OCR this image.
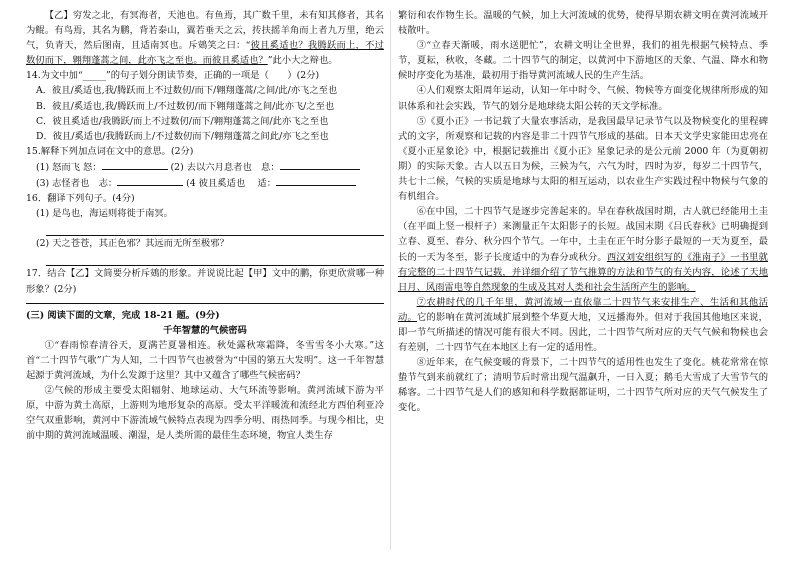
【乙】穷发之北，有冥海者，天池也。有鱼焉，其广数千里，未有知其修者，其名为鲲。有鸟焉，其名为鹏，背若泰山，翼若垂天之云，抟扶摇羊角而上者九万里，绝云气，负青天，然后图南，且适南冥也。斥鴳笑之曰：“彼且奚适也？我腾跃而上，不过数仞而下，翱翔蓬蒿之间，此亦飞之至也。而彼且奚适也？”此小大之辩也。

14.为文中加“_____”的句子划分朗读节奏，正确的一项是（　　）(2分)

A．彼且/奚适也,我/腾跃而上不过数仞/而下/翱翔蓬蒿/之间/此/亦飞之至也

B．彼且/奚适也,我/腾跃而上/不过数仞/而下翱翔蓬蒿之间/此亦飞/之至也

C．彼且奚适也/我腾跃/而上不过数仞/而下/翱翔蓬蒿之间/此亦飞之至也

D．彼且/奚适也/我腾跃而上/不过数仞而下/翱翔蓬蒿之间此/亦飞之至也

15.解释下列加点词在文中的意思。(2分)

(1) 怒而飞 怒：	(2) 去以六月息者也　息：

(3) 志怪者也　志：	(4 彼且奚适也 　适：

16．翻译下列句子。(4分)

(1) 是鸟也，海运则将徙于南冥。

(2) 天之苍苍，其正色邪？其远而无所至极邪？

17．结合【乙】文简要分析斥鴳的形象。并说说比起【甲】文中的鹏，你更欣赏哪一种形象？(2分)

(三) 阅读下面的文章，完成 18-21 题。(9分)

千年智慧的气候密码

①“春雨惊春清谷天，夏满芒夏暑相连。秋处露秋寒霜降，冬雪雪冬小大寒。”这首“二十四节气歌”广为人知，二十四节气也被誉为“中国的第五大发明”。这一千年智慧起源于黄河流域，为什么发源于这里？其中又蕴含了哪些气候密码？

②气候的形成主要受太阳辐射、地球运动、大气环流等影响。黄河流域下游为平原，中游为黄土高原，上游则为地形复杂的高原。受太平洋暖流和流经北方西伯利亚冷空气双重影响，黄河中下游流域气候特点表现为四季分明、雨热同季。与现今相比，史前中期的黄河流域温暖、潮湿，是人类所需的最佳生态环境，物宜人类生存

繁衍和农作物生长。温暖的气候，加上大河流域的优势，使得早期农耕文明在黄河流域开枝散叶。

③“立春天渐暖，雨水送肥忙”，农耕文明让全世界，我们的祖先根据气候特点、季节，夏耘，秋收，冬藏。二十四节气的制定，以黄河中下游地区的天象、气温、降水和物候时序变化为基准，最初用于指导黄河流域人民的生产生活。

④人们观察太阳周年运动，认知一年中时令、气候、物候等方面变化规律所形成的知识体系和社会实践，节气的划分是地球绕太阳公转的天文学标准。

⑤《夏小正》一书记载了大量农事活动，是我国最早记录节气以及物候变化的里程碑式的文字，所观察和记载的内容是非二十四节气形成的基础。日本天文学史家能田忠亮在《夏小正星象论》中，根据记载推出《夏小正》星象记录的是公元前 2000 年（为夏朝初期）的实际天象。古人以五日为候，三候为气，六气为时，四时为岁，每岁二十四节气，共七十二候，气候的实质是地球与太阳的相互运动，以农业生产实践过程中物候与气象的有机组合。

⑥在中国，二十四节气是逐步完善起来的。早在春秋战国时期，古人就已经能用土圭（在平面上竖一根杆子）来测量正午太阳影子的长短。战国末期《吕氏春秋》已明确提到立春、夏至、春分、秋分四个节气。一年中，土圭在正午时分影子最短的一天为夏至，最长的一天为冬至，影子长度适中的为春分或秋分。西汉刘安组织写的《淮南子》一书里就有完整的二十四节气记载，并详细介绍了节气推算的方法和节气的有关内容，论述了天地日月、风雨雷电等自然现象的生成及其对人类和社会生活所产生的影响。

⑦农耕时代的几千年里，黄河流域一直依靠二十四节气来安排生产、生活和其他活动。它的影响在黄河流域扩展到整个华夏大地，又远播海外。但对于我国其他地区来说，即一节气所描述的情况可能有很大不同。因此，二十四节气所对应的天气气候和物候也会有差别，二十四节气在本地区上有一定的适用性。

⑧近年来，在气候变暖的背景下，二十四节气的适用性也发生了变化。桃花常常在惊蛰节气到来前就红了；清明节后时常出现气温飙升，一日入夏；鹅毛大雪成了大雪节气的稀客。二十四节气是人们的感知和科学数据都证明，二十四节气所对应的天气气候发生了变化。
